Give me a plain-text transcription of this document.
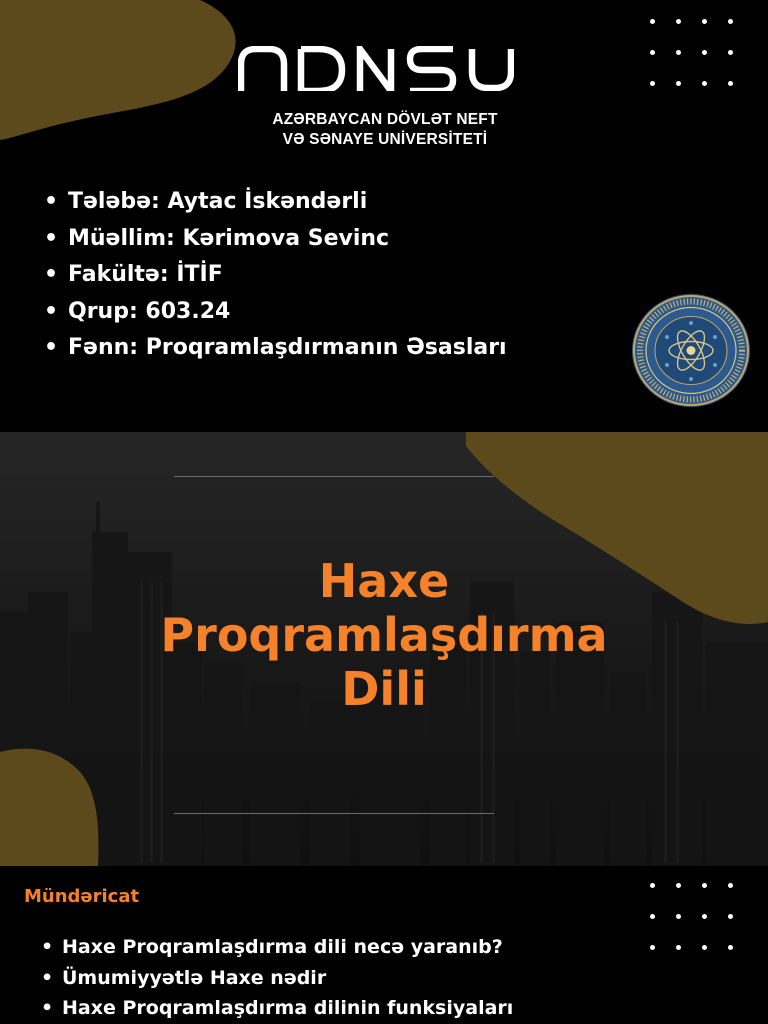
AZƏRBAYCAN DÖVLƏT NEFT
VƏ SƏNAYE UNİVERSİTETİ
• Tələbə: Aytac İskəndərli
• Müəllim: Kərimova Sevinc
• Fakültə: İTİF
• Qrup: 603.24
• Fənn: Proqramlaşdırmanın Əsasları
Haxe
Proqramlaşdırma
Dili
Mündəricat
• Haxe Proqramlaşdırma dili necə yaranıb?
• Ümumiyyətlə Haxe nədir
• Haxe Proqramlaşdırma dilinin funksiyaları
